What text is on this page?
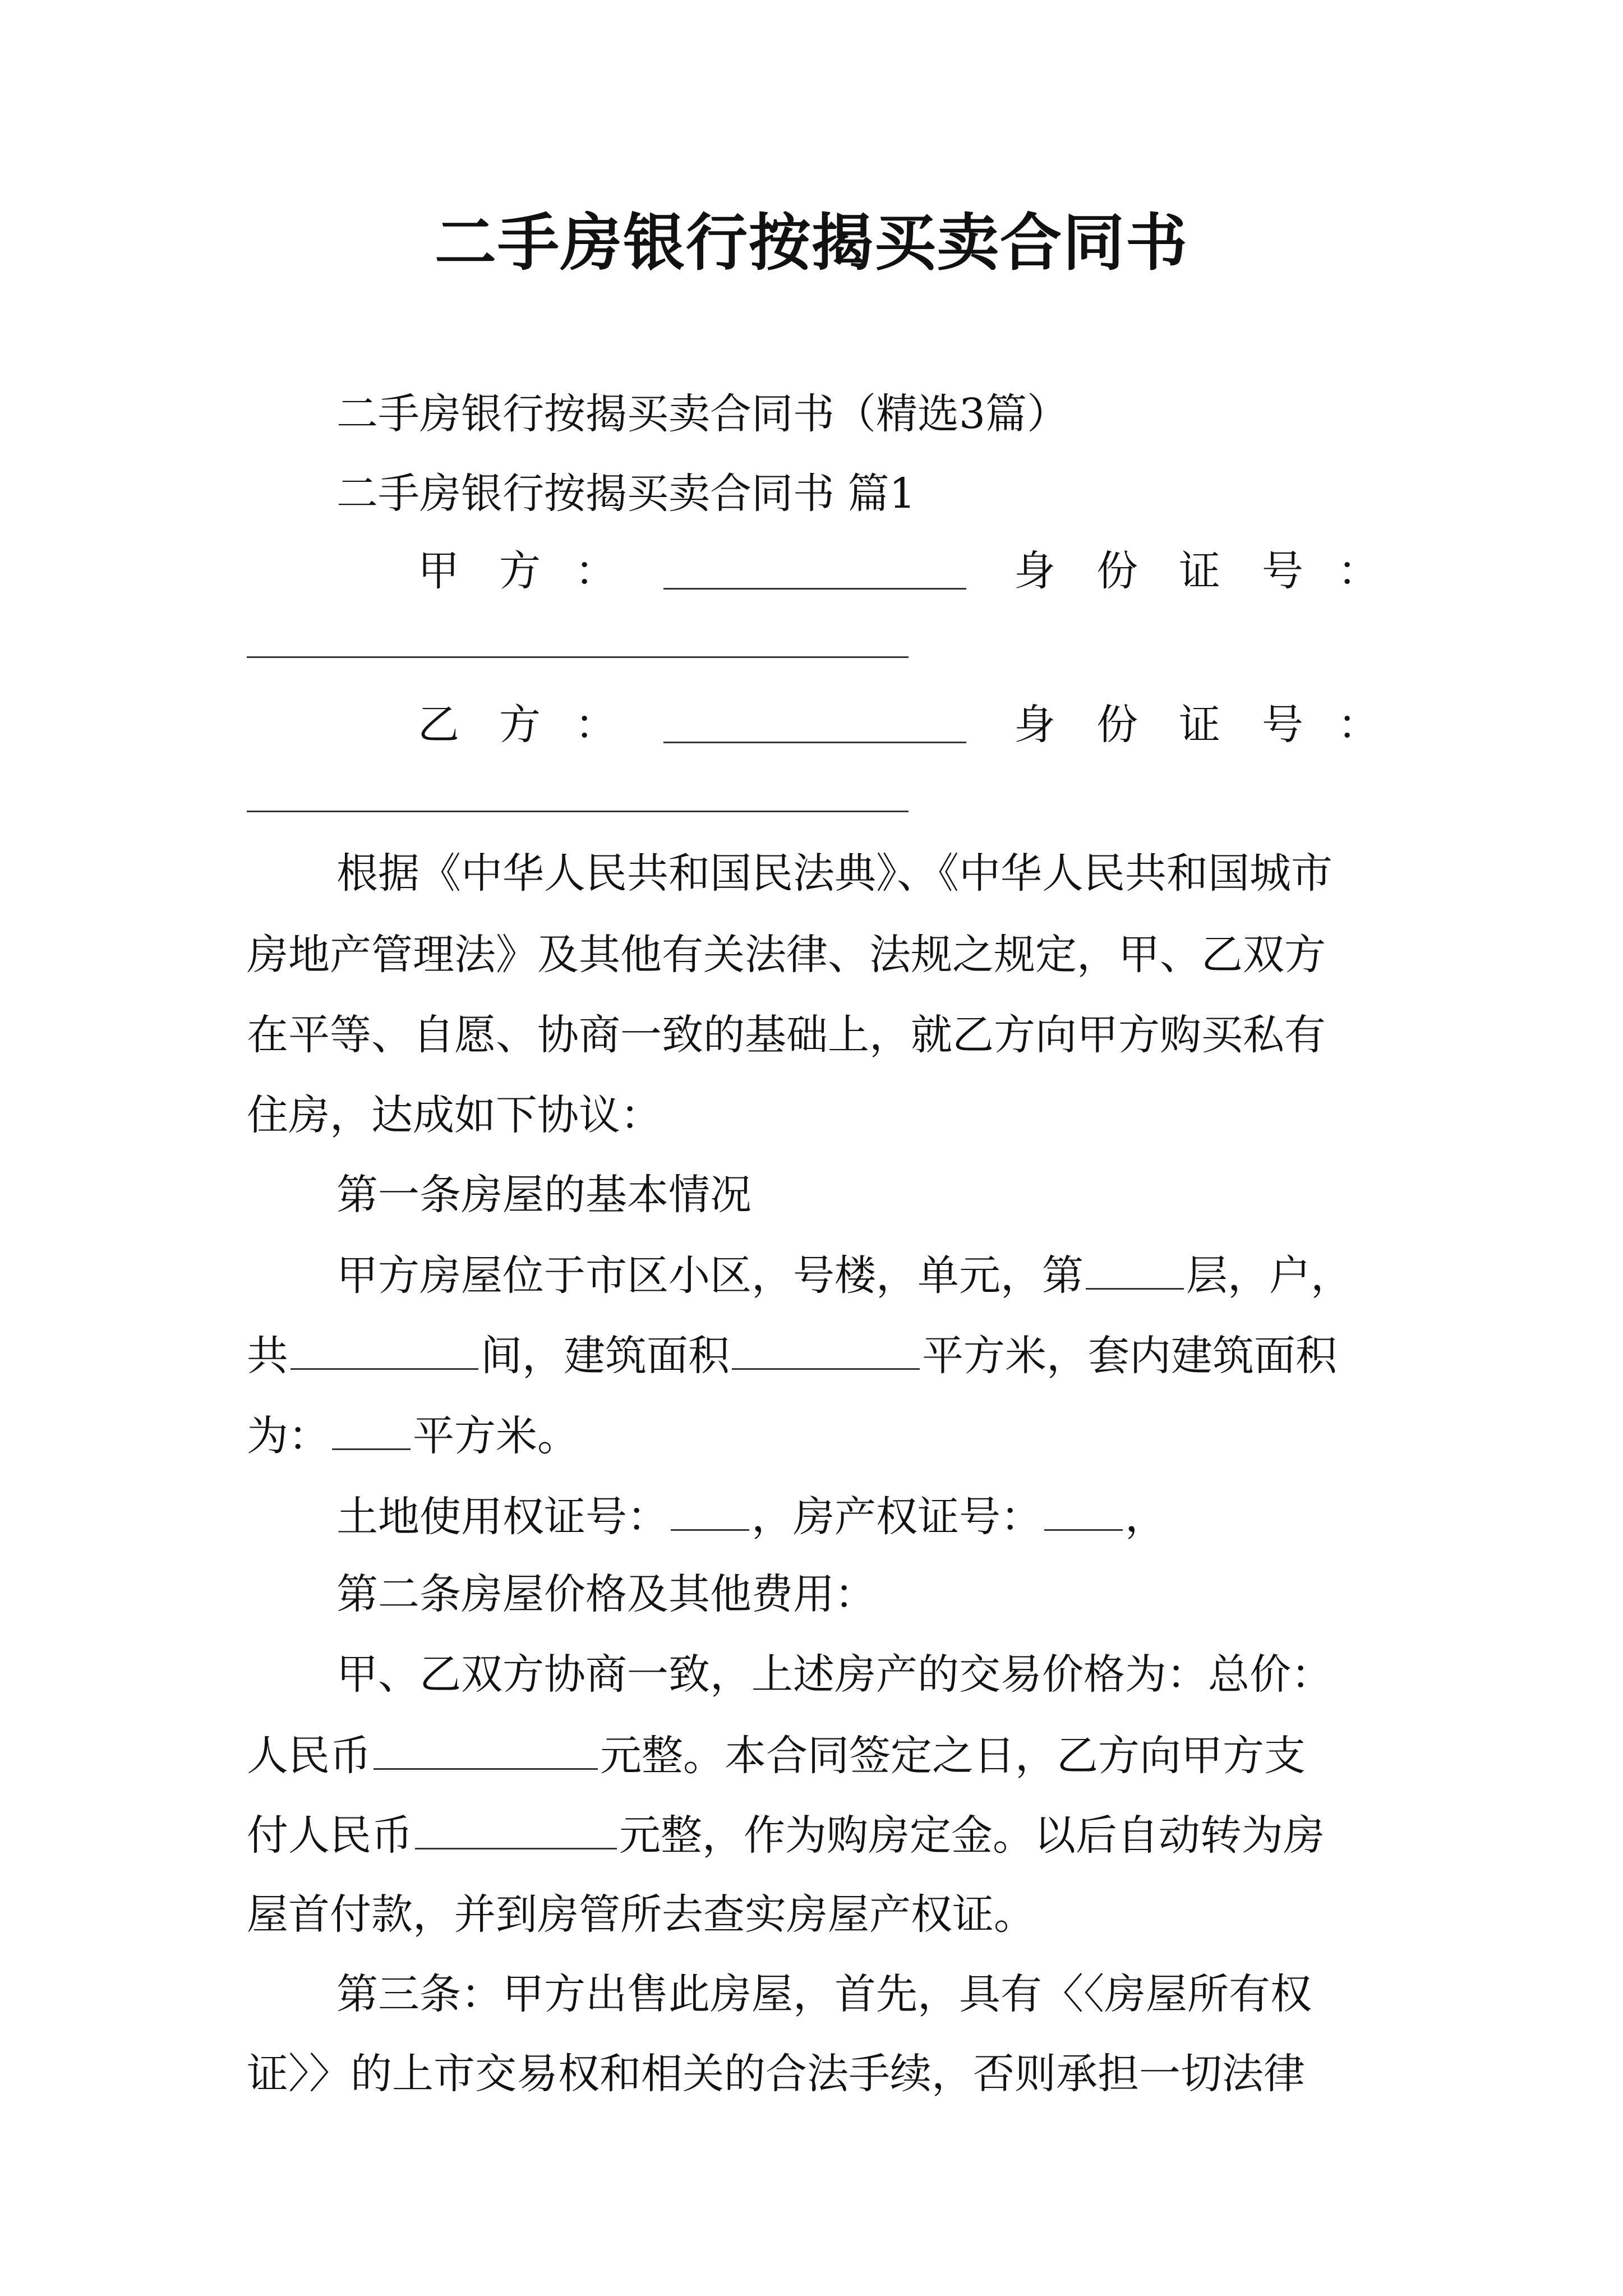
二手房银行按揭买卖合同书
二手房银行按揭买卖合同书（精选3篇）
二手房银行按揭买卖合同书 篇1
甲 方 ：	身 份 证 号 ：
乙 方 ：	身 份 证 号 ：
根据《中华人民共和国民法典》、《中华人民共和国城市
房地产管理法》及其他有关法律、法规之规定，甲、乙双方
在平等、自愿、协商一致的基础上，就乙方向甲方购买私有
住房，达成如下协议：
第一条房屋的基本情况
甲方房屋位于市区小区，号楼，单元，第 层，户，
共	间，建筑面积	平方米，套内建筑面积
为： 平方米。
土地使用权证号： ，房产权证号： ，
第二条房屋价格及其他费用：
甲、乙双方协商一致，上述房产的交易价格为：总价：
人民币	元整。本合同签定之日，乙方向甲方支
付人民币	元整，作为购房定金。以后自动转为房
屋首付款，并到房管所去查实房屋产权证。
第三条：甲方出售此房屋，首先，具有〈〈房屋所有权
证〉〉的上市交易权和相关的合法手续，否则承担一切法律
